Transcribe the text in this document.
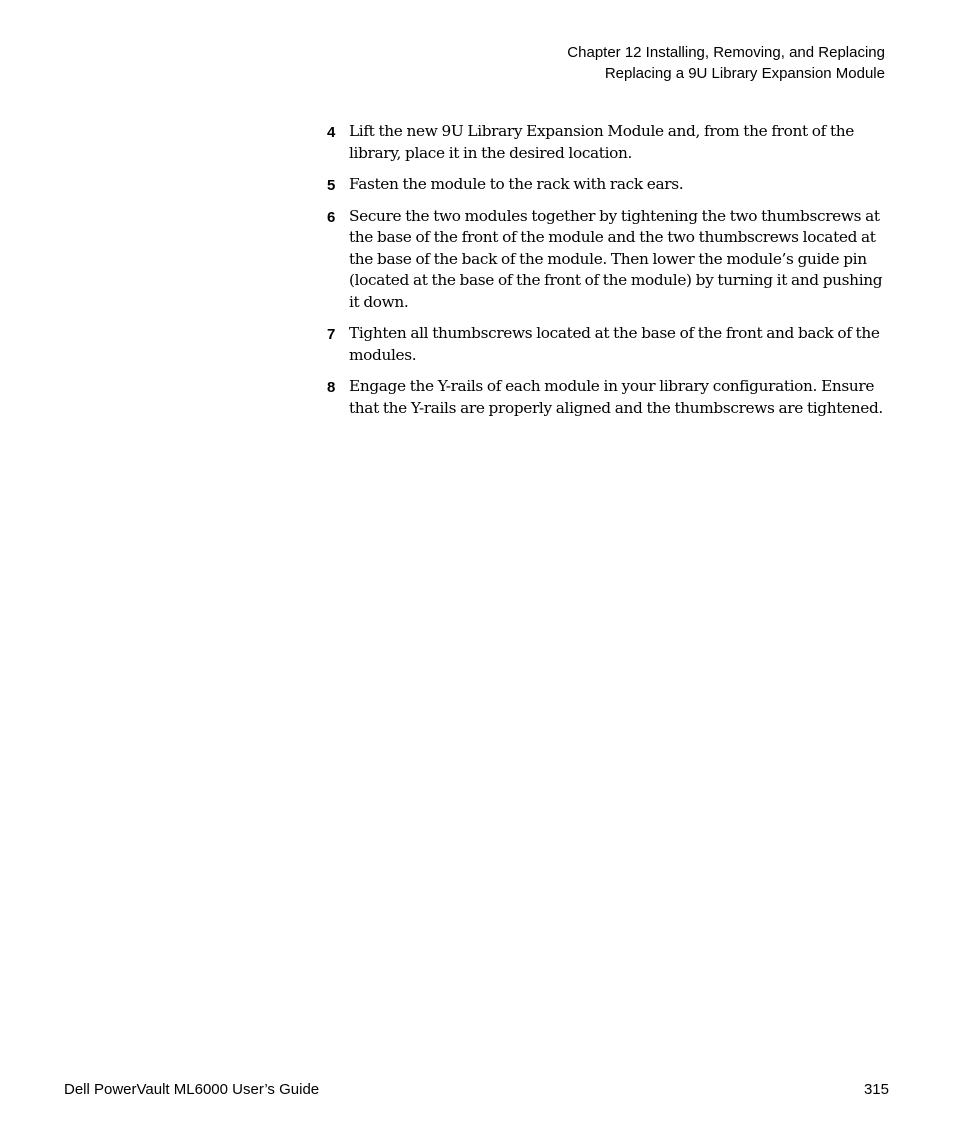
Chapter 12 Installing, Removing, and Replacing
Replacing a 9U Library Expansion Module
4 Lift the new 9U Library Expansion Module and, from the front of the library, place it in the desired location.
5 Fasten the module to the rack with rack ears.
6 Secure the two modules together by tightening the two thumbscrews at the base of the front of the module and the two thumbscrews located at the base of the back of the module. Then lower the module’s guide pin (located at the base of the front of the module) by turning it and pushing it down.
7 Tighten all thumbscrews located at the base of the front and back of the modules.
8 Engage the Y-rails of each module in your library configuration. Ensure that the Y-rails are properly aligned and the thumbscrews are tightened.
Dell PowerVault ML6000 User’s Guide	315
